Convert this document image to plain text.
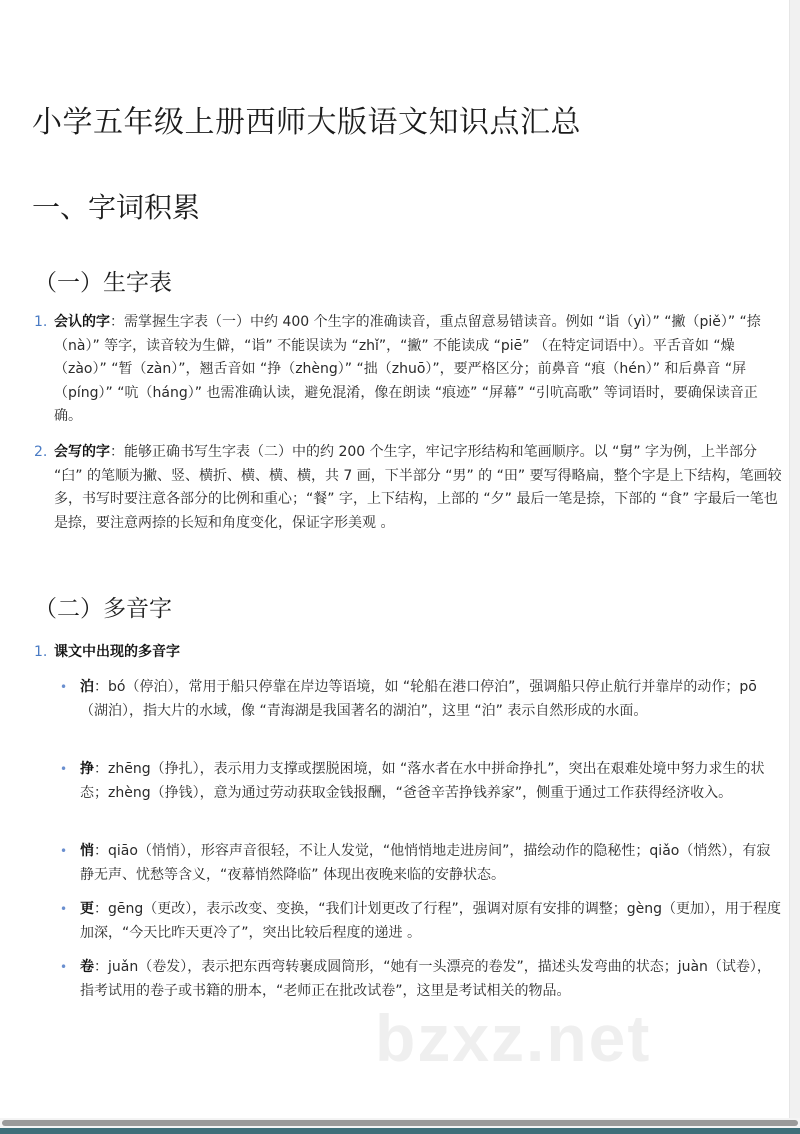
小学五年级上册西师大版语文知识点汇总
一、字词积累
（一）生字表
1. 会认的字：需掌握生字表（一）中约 400 个生字的准确读音，重点留意易错读音。例如 “诣（yì）” “撇（piě）” “捺（nà）” 等字，读音较为生僻，“诣” 不能误读为 “zhǐ”，“撇” 不能读成 “piē” （在特定词语中）。平舌音如 “燥（zào）” “暂（zàn）”，翘舌音如 “挣（zhèng）” “拙（zhuō）”，要严格区分；前鼻音 “痕（hén）” 和后鼻音 “屏（píng）” “吭（háng）” 也需准确认读，避免混淆，像在朗读 “痕迹” “屏幕” “引吭高歌” 等词语时，要确保读音正确。
2. 会写的字：能够正确书写生字表（二）中的约 200 个生字，牢记字形结构和笔画顺序。以 “舅” 字为例，上半部分 “臼” 的笔顺为撇、竖、横折、横、横、横，共 7 画，下半部分 “男” 的 “田” 要写得略扁，整个字是上下结构，笔画较多，书写时要注意各部分的比例和重心；“餐” 字，上下结构，上部的 “夕” 最后一笔是捺，下部的 “食” 字最后一笔也是捺，要注意两捺的长短和角度变化，保证字形美观 。
（二）多音字
1. 课文中出现的多音字
• 泊：bó（停泊），常用于船只停靠在岸边等语境，如 “轮船在港口停泊”，强调船只停止航行并靠岸的动作；pō（湖泊），指大片的水域，像 “青海湖是我国著名的湖泊”，这里 “泊” 表示自然形成的水面。
• 挣：zhēng（挣扎），表示用力支撑或摆脱困境，如 “落水者在水中拼命挣扎”，突出在艰难处境中努力求生的状态；zhèng（挣钱），意为通过劳动获取金钱报酬，“爸爸辛苦挣钱养家”，侧重于通过工作获得经济收入。
• 悄：qiāo（悄悄），形容声音很轻，不让人发觉，“他悄悄地走进房间”，描绘动作的隐秘性；qiǎo（悄然），有寂静无声、忧愁等含义，“夜幕悄然降临” 体现出夜晚来临的安静状态。
• 更：gēng（更改），表示改变、变换，“我们计划更改了行程”，强调对原有安排的调整；gèng（更加），用于程度加深，“今天比昨天更冷了”，突出比较后程度的递进 。
• 卷：juǎn（卷发），表示把东西弯转裹成圆筒形，“她有一头漂亮的卷发”，描述头发弯曲的状态；juàn（试卷），指考试用的卷子或书籍的册本，“老师正在批改试卷”，这里是考试相关的物品。
bzxz.net
